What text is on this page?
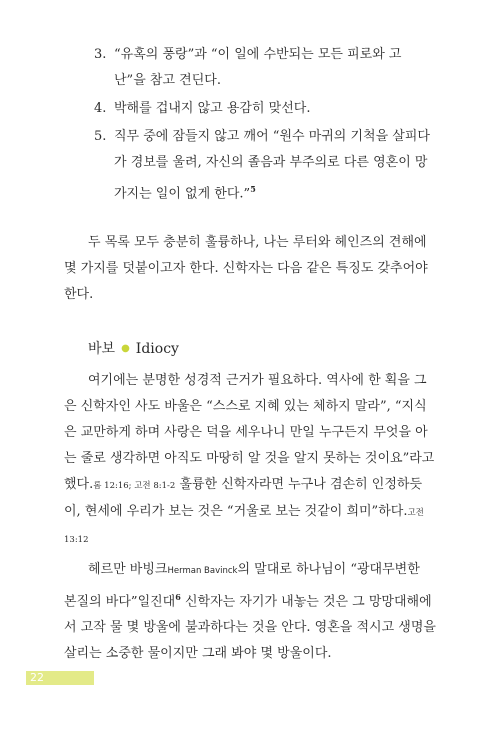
3. “유혹의 풍랑”과 “이 일에 수반되는 모든 피로와 고난”을 참고 견딘다.
4. 박해를 겁내지 않고 용감히 맞선다.
5. 직무 중에 잠들지 않고 깨어 “원수 마귀의 기척을 살피다가 경보를 울려, 자신의 졸음과 부주의로 다른 영혼이 망가지는 일이 없게 한다.”$^5$

두 목록 모두 충분히 훌륭하나, 나는 루터와 헤인즈의 견해에 몇 가지를 덧붙이고자 한다. 신학자는 다음 같은 특징도 갖추어야 한다.

바보 ● Idiocy

여기에는 분명한 성경적 근거가 필요하다. 역사에 한 획을 그은 신학자인 사도 바울은 “스스로 지혜 있는 체하지 말라”, “지식은 교만하게 하며 사랑은 덕을 세우나니 만일 누구든지 무엇을 아는 줄로 생각하면 아직도 마땅히 알 것을 알지 못하는 것이요”라고 했다.롬 12:16; 고전 8:1-2 훌륭한 신학자라면 누구나 겸손히 인정하듯이, 현세에 우리가 보는 것은 “거울로 보는 것같이 희미”하다.고전 13:12

헤르만 바빙크Herman Bavinck의 말대로 하나님이 “광대무변한 본질의 바다”일진대$^6$ 신학자는 자기가 내놓는 것은 그 망망대해에서 고작 물 몇 방울에 불과하다는 것을 안다. 영혼을 적시고 생명을 살리는 소중한 물이지만 그래 봐야 몇 방울이다.

22
